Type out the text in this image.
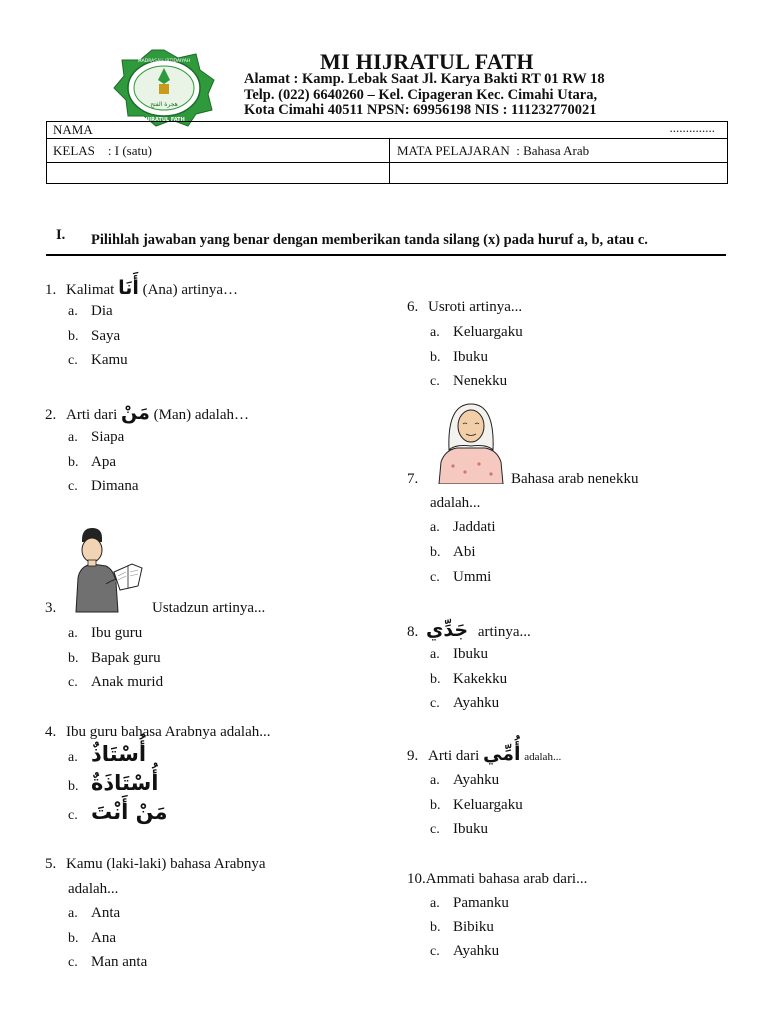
هجرة الفتح
MADRASAH IBTIDAIYAH
HIJRATUL FATH
MI HIJRATUL FATH
Alamat : Kamp. Lebak Saat Jl. Karya Bakti RT 01 RW 18
Telp. (022) 6640260 – Kel. Cipageran Kec. Cimahi Utara,
Kota Cimahi 40511 NPSN: 69956198 NIS : 111232770021
NAMA	..............
KELAS    : I (satu)	MATA PELAJARAN  : Bahasa Arab
I. Pilihlah jawaban yang benar dengan memberikan tanda silang (x) pada huruf a, b, atau c.
1. Kalimat أَنَا (Ana) artinya…
a. Dia
b. Saya
c. Kamu
2. Arti dari مَنْ (Man) adalah…
a. Siapa
b. Apa
c. Dimana
3.	Ustadzun artinya...
a. Ibu guru
b. Bapak guru
c. Anak murid
4. Ibu guru bahasa Arabnya adalah...
a. أُسْتَاذٌ
b. أُسْتَاذَةٌ
c. مَنْ أَنْتَ
5. Kamu (laki-laki) bahasa Arabnya
adalah...
a. Anta
b. Ana
c. Man anta
6. Usroti artinya...
a. Keluargaku
b. Ibuku
c. Nenekku
7.	Bahasa arab nenekku
adalah...
a. Jaddati
b. Abi
c. Ummi
8. جَدِّي artinya...
a. Ibuku
b. Kakekku
c. Ayahku
9. Arti dari أُمِّي adalah...
a. Ayahku
b. Keluargaku
c. Ibuku
10.Ammati bahasa arab dari...
a. Pamanku
b. Bibiku
c. Ayahku
